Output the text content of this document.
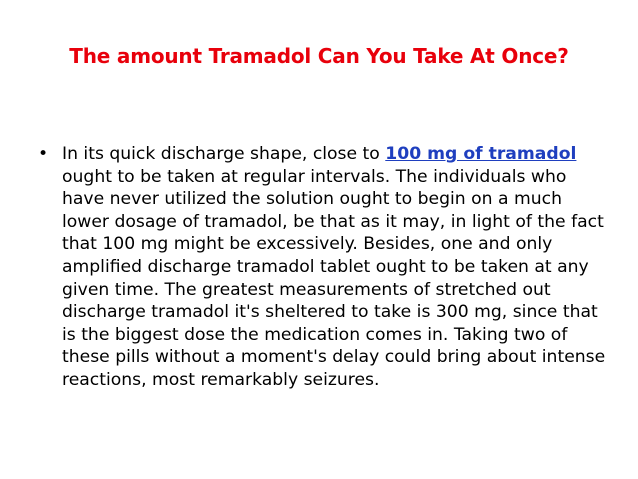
The amount Tramadol Can You Take At Once?
• In its quick discharge shape, close to 100 mg of tramadol ought to be taken at regular intervals. The individuals who have never utilized the solution ought to begin on a much lower dosage of tramadol, be that as it may, in light of the fact that 100 mg might be excessively. Besides, one and only amplified discharge tramadol tablet ought to be taken at any given time. The greatest measurements of stretched out discharge tramadol it's sheltered to take is 300 mg, since that is the biggest dose the medication comes in. Taking two of these pills without a moment's delay could bring about intense reactions, most remarkably seizures.
